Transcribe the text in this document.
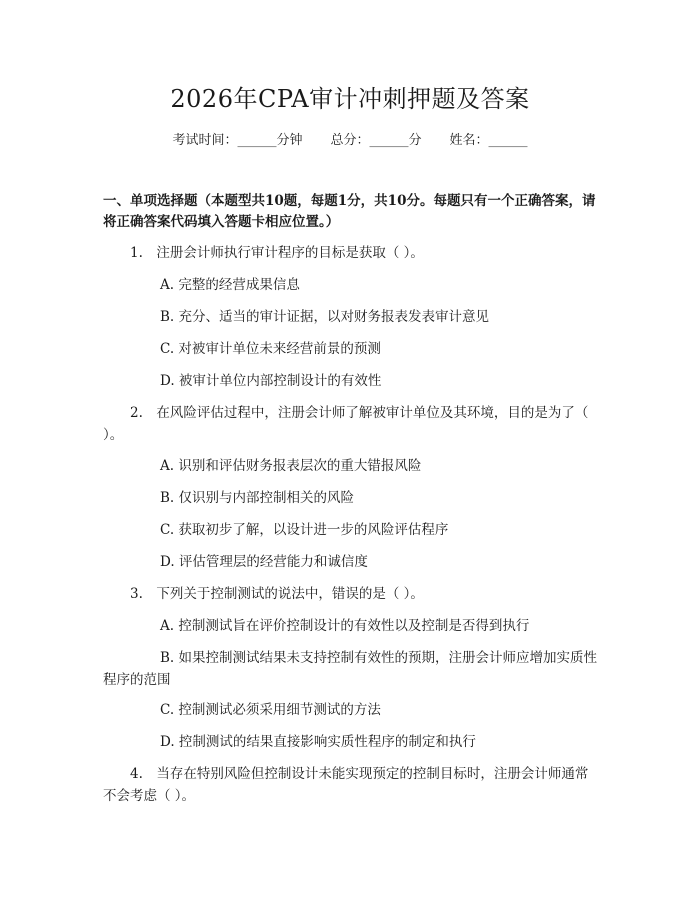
2026年CPA审计冲刺押题及答案
考试时间：______分钟 总分：______分 姓名：______
一、单项选择题（本题型共10题，每题1分，共10分。每题只有一个正确答案，请将正确答案代码填入答题卡相应位置。）
1.　注册会计师执行审计程序的目标是获取（ ）。
A. 完整的经营成果信息
B. 充分、适当的审计证据，以对财务报表发表审计意见
C. 对被审计单位未来经营前景的预测
D. 被审计单位内部控制设计的有效性
2.　在风险评估过程中，注册会计师了解被审计单位及其环境，目的是为了（ ）。
A. 识别和评估财务报表层次的重大错报风险
B. 仅识别与内部控制相关的风险
C. 获取初步了解，以设计进一步的风险评估程序
D. 评估管理层的经营能力和诚信度
3.　下列关于控制测试的说法中，错误的是（ ）。
A. 控制测试旨在评价控制设计的有效性以及控制是否得到执行
B. 如果控制测试结果未支持控制有效性的预期，注册会计师应增加实质性程序的范围
C. 控制测试必须采用细节测试的方法
D. 控制测试的结果直接影响实质性程序的制定和执行
4.　当存在特别风险但控制设计未能实现预定的控制目标时，注册会计师通常不会考虑（ ）。
